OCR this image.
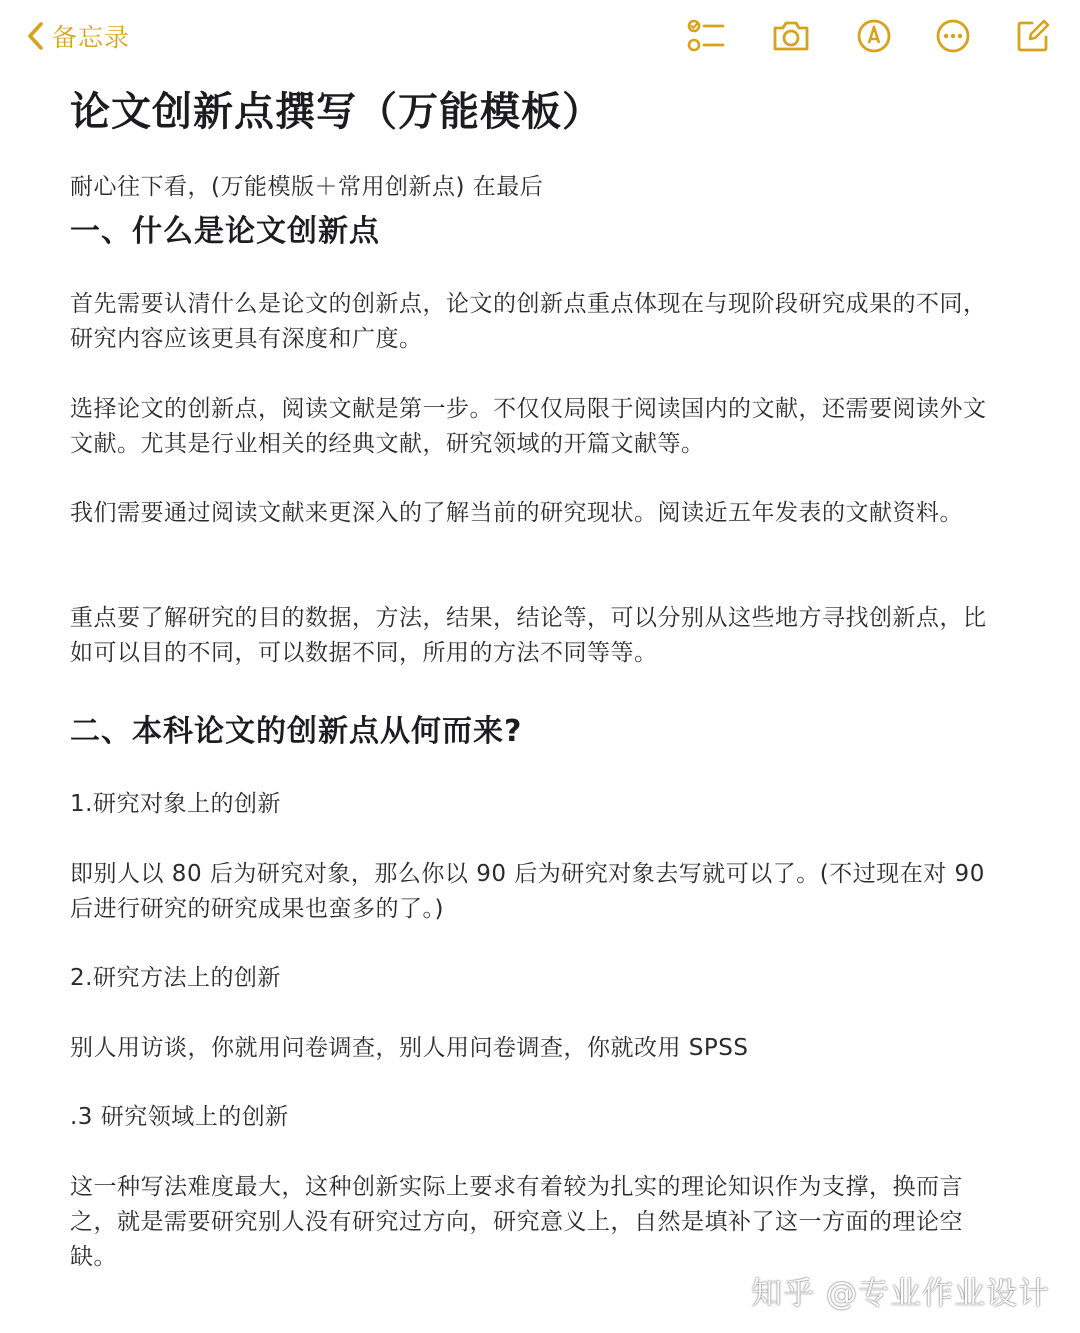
备忘录
论文创新点撰写（万能模板）
耐心往下看，(万能模版＋常用创新点) 在最后
一、什么是论文创新点
首先需要认清什么是论文的创新点，论文的创新点重点体现在与现阶段研究成果的不同，研究内容应该更具有深度和广度。
选择论文的创新点，阅读文献是第一步。不仅仅局限于阅读国内的文献，还需要阅读外文文献。尤其是行业相关的经典文献，研究领域的开篇文献等。
我们需要通过阅读文献来更深入的了解当前的研究现状。阅读近五年发表的文献资料。
重点要了解研究的目的数据，方法，结果，结论等，可以分别从这些地方寻找创新点，比如可以目的不同，可以数据不同，所用的方法不同等等。
二、本科论文的创新点从何而来?
1.研究对象上的创新
即别人以 80 后为研究对象，那么你以 90 后为研究对象去写就可以了。(不过现在对 90 后进行研究的研究成果也蛮多的了。)
2.研究方法上的创新
别人用访谈，你就用问卷调查，别人用问卷调查，你就改用 SPSS
.3 研究领域上的创新
这一种写法难度最大，这种创新实际上要求有着较为扎实的理论知识作为支撑，换而言之，就是需要研究别人没有研究过方向，研究意义上，自然是填补了这一方面的理论空缺。
知乎 @专业作业设计
